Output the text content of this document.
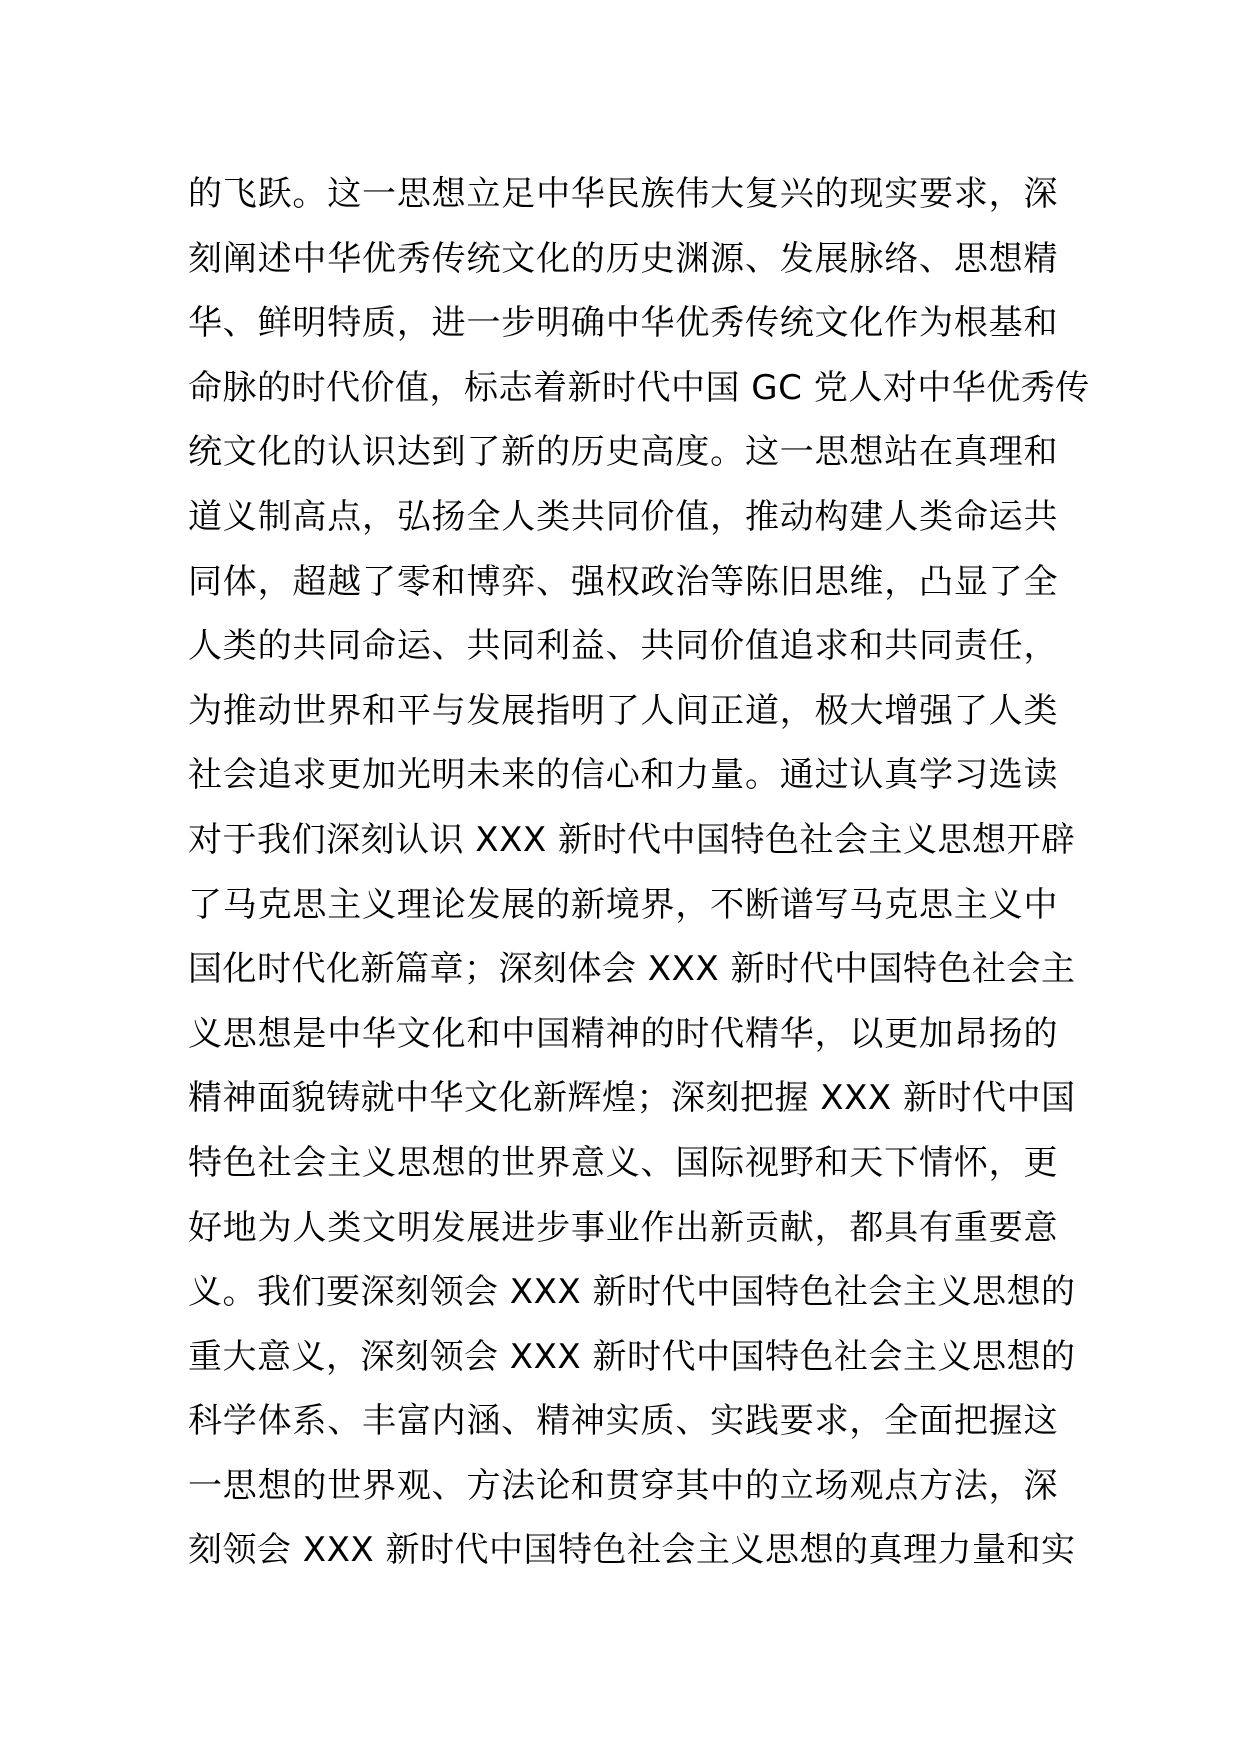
的飞跃。这一思想立足中华民族伟大复兴的现实要求，深
刻阐述中华优秀传统文化的历史渊源、发展脉络、思想精
华、鲜明特质，进一步明确中华优秀传统文化作为根基和
命脉的时代价值，标志着新时代中国 GC 党人对中华优秀传
统文化的认识达到了新的历史高度。这一思想站在真理和
道义制高点，弘扬全人类共同价值，推动构建人类命运共
同体，超越了零和博弈、强权政治等陈旧思维，凸显了全
人类的共同命运、共同利益、共同价值追求和共同责任，
为推动世界和平与发展指明了人间正道，极大增强了人类
社会追求更加光明未来的信心和力量。通过认真学习选读
对于我们深刻认识 XXX 新时代中国特色社会主义思想开辟
了马克思主义理论发展的新境界，不断谱写马克思主义中
国化时代化新篇章；深刻体会 XXX 新时代中国特色社会主
义思想是中华文化和中国精神的时代精华，以更加昂扬的
精神面貌铸就中华文化新辉煌；深刻把握 XXX 新时代中国
特色社会主义思想的世界意义、国际视野和天下情怀，更
好地为人类文明发展进步事业作出新贡献，都具有重要意
义。我们要深刻领会 XXX 新时代中国特色社会主义思想的
重大意义，深刻领会 XXX 新时代中国特色社会主义思想的
科学体系、丰富内涵、精神实质、实践要求，全面把握这
一思想的世界观、方法论和贯穿其中的立场观点方法，深
刻领会 XXX 新时代中国特色社会主义思想的真理力量和实
